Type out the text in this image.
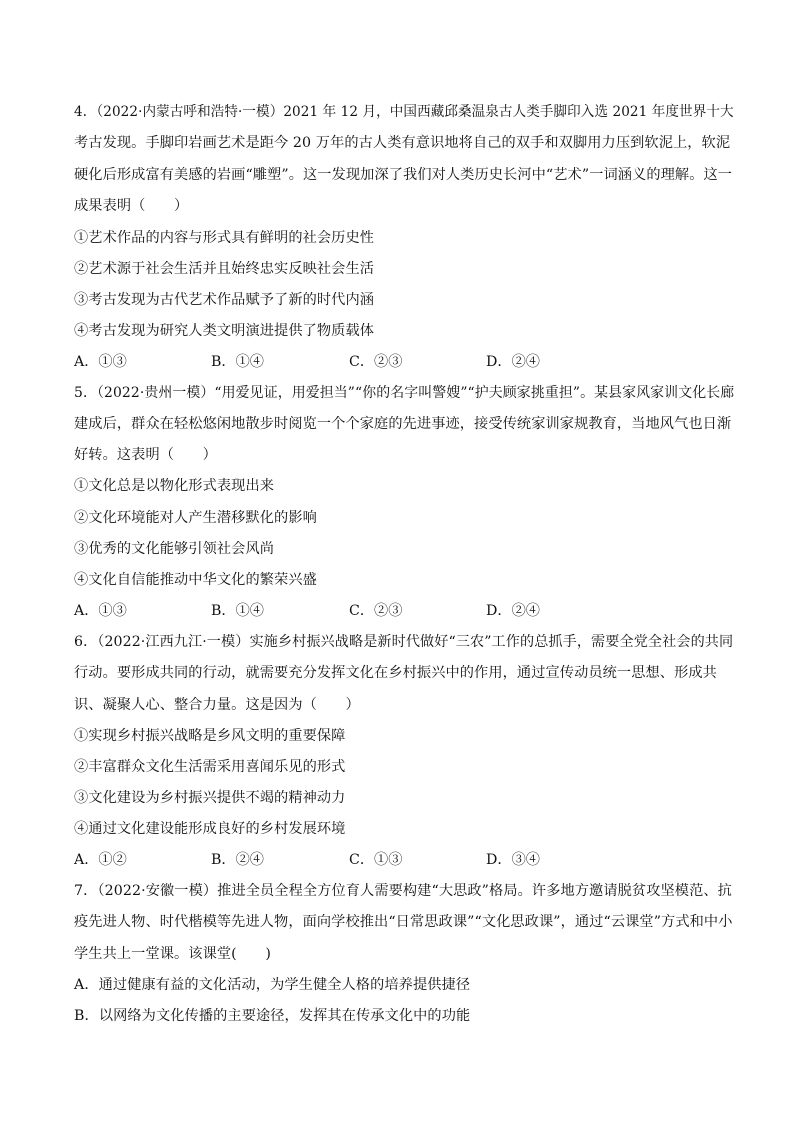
4．（2022·内蒙古呼和浩特·一模）2021 年 12 月，中国西藏邱桑温泉古人类手脚印入选 2021 年度世界十大
考古发现。手脚印岩画艺术是距今 20 万年的古人类有意识地将自己的双手和双脚用力压到软泥上，软泥
硬化后形成富有美感的岩画“雕塑”。这一发现加深了我们对人类历史长河中“艺术”一词涵义的理解。这一
成果表明（　　）
①艺术作品的内容与形式具有鲜明的社会历史性
②艺术源于社会生活并且始终忠实反映社会生活
③考古发现为古代艺术作品赋予了新的时代内涵
④考古发现为研究人类文明演进提供了物质载体
A．①③	B．①④	C．②③	D．②④
5．（2022·贵州一模）“用爱见证，用爱担当”“你的名字叫警嫂”“护夫顾家挑重担”。某县家风家训文化长廊
建成后，群众在轻松悠闲地散步时阅览一个个家庭的先进事迹，接受传统家训家规教育，当地风气也日渐
好转。这表明（　　）
①文化总是以物化形式表现出来
②文化环境能对人产生潜移默化的影响
③优秀的文化能够引领社会风尚
④文化自信能推动中华文化的繁荣兴盛
A．①③	B．①④	C．②③	D．②④
6．（2022·江西九江·一模）实施乡村振兴战略是新时代做好“三农”工作的总抓手，需要全党全社会的共同
行动。要形成共同的行动，就需要充分发挥文化在乡村振兴中的作用，通过宣传动员统一思想、形成共
识、凝聚人心、整合力量。这是因为（　　）
①实现乡村振兴战略是乡风文明的重要保障
②丰富群众文化生活需采用喜闻乐见的形式
③文化建设为乡村振兴提供不竭的精神动力
④通过文化建设能形成良好的乡村发展环境
A．①②	B．②④	C．①③	D．③④
7．（2022·安徽一模）推进全员全程全方位育人需要构建“大思政”格局。许多地方邀请脱贫攻坚模范、抗
疫先进人物、时代楷模等先进人物，面向学校推出“日常思政课”“文化思政课”，通过“云课堂”方式和中小
学生共上一堂课。该课堂(　　)
A．通过健康有益的文化活动，为学生健全人格的培养提供捷径
B．以网络为文化传播的主要途径，发挥其在传承文化中的功能
